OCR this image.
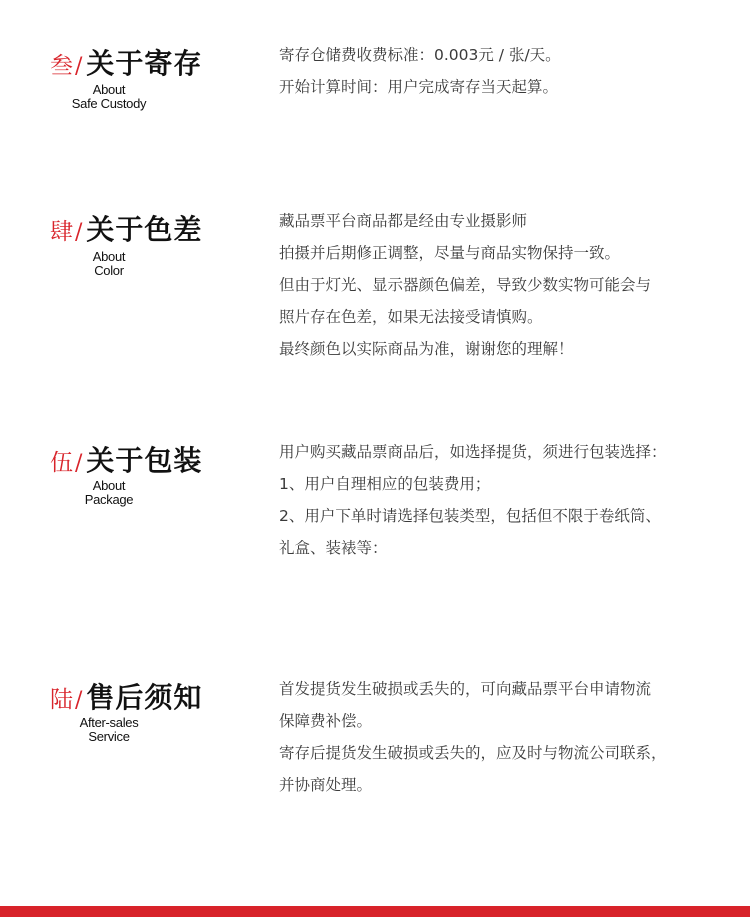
叁/ 关于寄存
About
Safe Custody

寄存仓储费收费标准：0.003元 / 张/天。

开始计算时间：用户完成寄存当天起算。

肆/ 关于色差
About
Color

藏品票平台商品都是经由专业摄影师

拍摄并后期修正调整，尽量与商品实物保持一致。

但由于灯光、显示器颜色偏差，导致少数实物可能会与

照片存在色差，如果无法接受请慎购。

最终颜色以实际商品为准，谢谢您的理解！

伍/ 关于包装
About
Package

用户购买藏品票商品后，如选择提货，须进行包装选择：

1、用户自理相应的包装费用；

2、用户下单时请选择包装类型，包括但不限于卷纸筒、

礼盒、装裱等：

陆/ 售后须知
After-sales
Service

首发提货发生破损或丢失的，可向藏品票平台申请物流

保障费补偿。

寄存后提货发生破损或丢失的，应及时与物流公司联系，

并协商处理。
